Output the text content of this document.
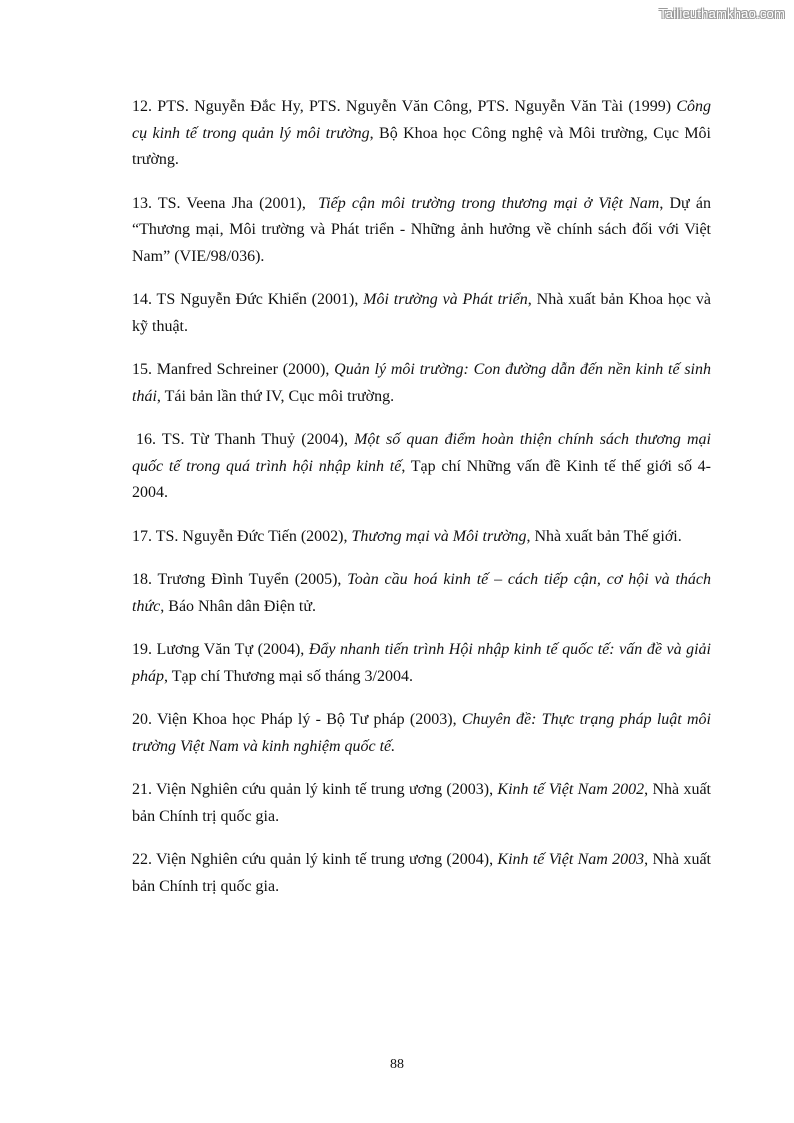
Tailieuthamkhao.com

12. PTS. Nguyễn Đắc Hy, PTS. Nguyễn Văn Công, PTS. Nguyễn Văn Tài (1999) Công cụ kinh tế trong quản lý môi trường, Bộ Khoa học Công nghệ và Môi trường, Cục Môi trường.

13. TS. Veena Jha (2001),  Tiếp cận môi trường trong thương mại ở Việt Nam, Dự án “Thương mại, Môi trường và Phát triển - Những ảnh hưởng về chính sách đối với Việt Nam” (VIE/98/036).

14. TS Nguyễn Đức Khiển (2001), Môi trường và Phát triển, Nhà xuất bản Khoa học và kỹ thuật.

15. Manfred Schreiner (2000), Quản lý môi trường: Con đường dẫn đến nền kinh tế sinh thái, Tái bản lần thứ IV, Cục môi trường.

16. TS. Từ Thanh Thuỷ (2004), Một số quan điểm hoàn thiện chính sách thương mại quốc tế trong quá trình hội nhập kinh tế, Tạp chí Những vấn đề Kinh tế thế giới số 4-2004.

17. TS. Nguyễn Đức Tiến (2002), Thương mại và Môi trường, Nhà xuất bản Thế giới.

18. Trương Đình Tuyển (2005), Toàn cầu hoá kinh tế – cách tiếp cận, cơ hội và thách thức, Báo Nhân dân Điện tử.

19. Lương Văn Tự (2004), Đẩy nhanh tiến trình Hội nhập kinh tế quốc tế: vấn đề và giải pháp, Tạp chí Thương mại số tháng 3/2004.

20. Viện Khoa học Pháp lý - Bộ Tư pháp (2003), Chuyên đề: Thực trạng pháp luật môi trường Việt Nam và kinh nghiệm quốc tế.

21. Viện Nghiên cứu quản lý kinh tế trung ương (2003), Kinh tế Việt Nam 2002, Nhà xuất bản Chính trị quốc gia.

22. Viện Nghiên cứu quản lý kinh tế trung ương (2004), Kinh tế Việt Nam 2003, Nhà xuất bản Chính trị quốc gia.

88
